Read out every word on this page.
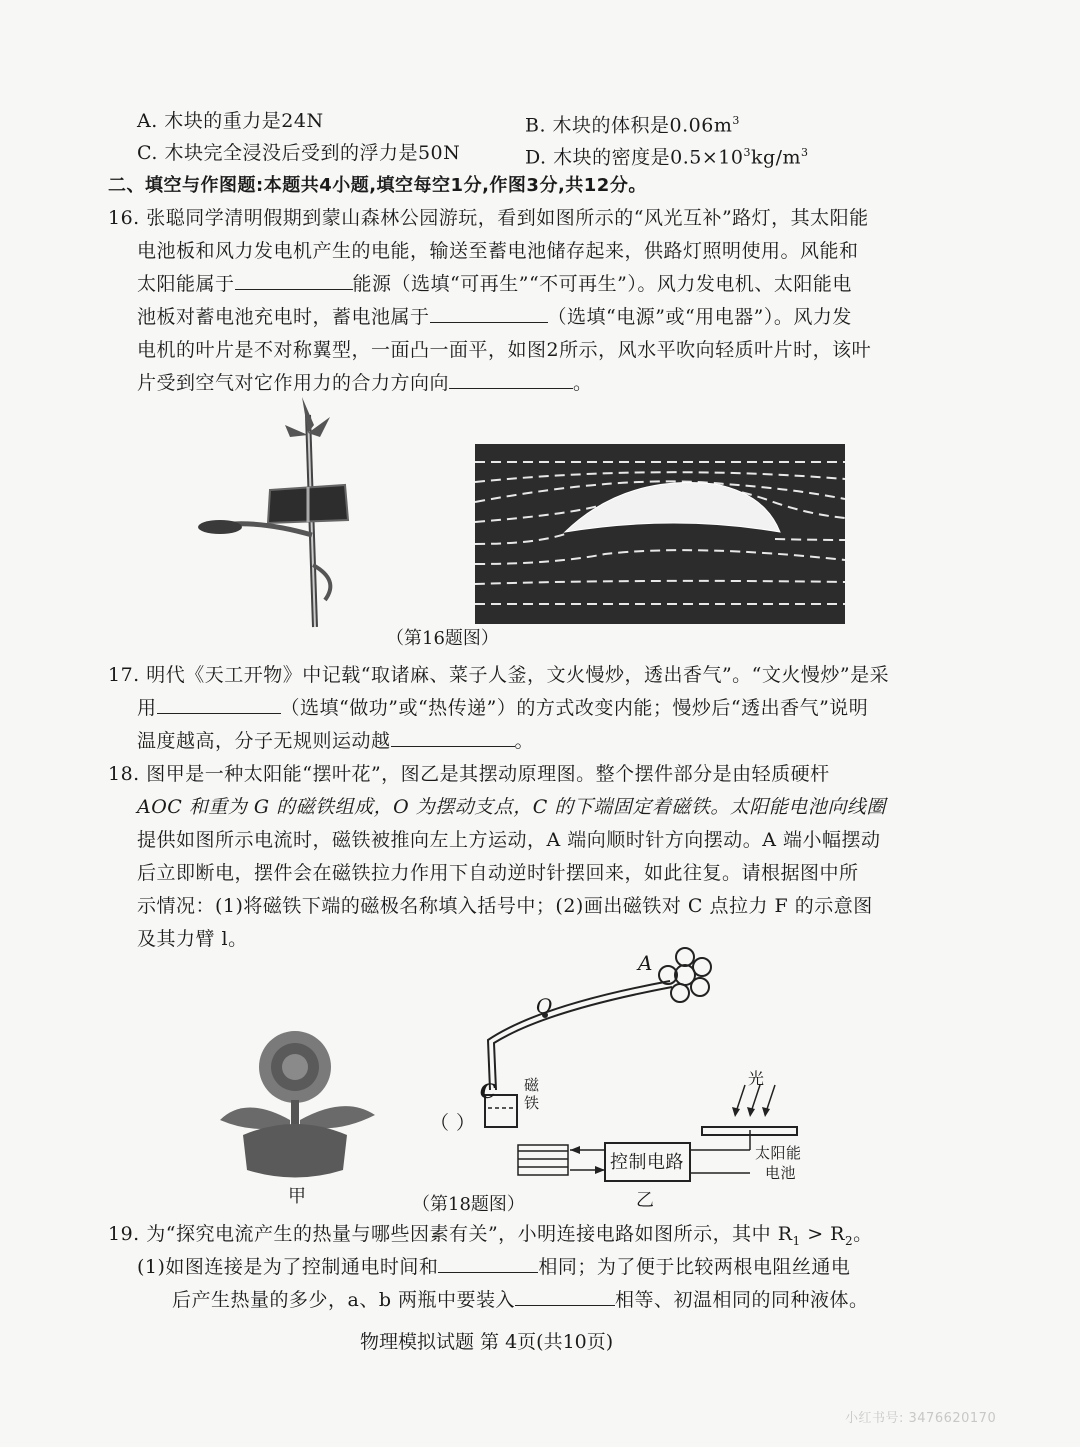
A. 木块的重力是24N	B. 木块的体积是$0.06m^3$
C. 木块完全浸没后受到的浮力是50N	D. 木块的密度是$0.5\times 10^3kg/m^3$
二、填空与作图题:本题共4小题,填空每空1分,作图3分,共12分。
16. 张聪同学清明假期到蒙山森林公园游玩，看到如图所示的“风光互补”路灯，其太阳能
电池板和风力发电机产生的电能，输送至蓄电池储存起来，供路灯照明使用。风能和
太阳能属于	能源（选填“可再生”“不可再生”）。风力发电机、太阳能电
池板对蓄电池充电时，蓄电池属于	（选填“电源”或“用电器”）。风力发
电机的叶片是不对称翼型，一面凸一面平，如图2所示，风水平吹向轻质叶片时，该叶
片受到空气对它作用力的合力方向向	。
（第16题图）
17. 明代《天工开物》中记载“取诸麻、菜子人釜，文火慢炒，透出香气”。“文火慢炒”是采
用	（选填“做功”或“热传递”）的方式改变内能；慢炒后“透出香气”说明
温度越高，分子无规则运动越	。
18. 图甲是一种太阳能“摆叶花”，图乙是其摆动原理图。整个摆件部分是由轻质硬杆
AOC 和重为 G 的磁铁组成，O 为摆动支点，C 的下端固定着磁铁。太阳能电池向线圈
提供如图所示电流时，磁铁被推向左上方运动，A 端向顺时针方向摆动。A 端小幅摆动
后立即断电，摆件会在磁铁拉力作用下自动逆时针摆回来，如此往复。请根据图中所
示情况：(1)将磁铁下端的磁极名称填入括号中；(2)画出磁铁对 C 点拉力 F 的示意图
及其力臂 l。
甲
A
O
C 磁铁
光
控制电路	太阳能
电池
（ ）
（第18题图）	乙
19. 为“探究电流产生的热量与哪些因素有关”，小明连接电路如图所示，其中 $R_1 > R_2$。
(1)如图连接是为了控制通电时间和	相同；为了便于比较两根电阻丝通电
后产生热量的多少，a、b 两瓶中要装入	相等、初温相同的同种液体。
物理模拟试题 第 4页(共10页)
小红书号: 3476620170
